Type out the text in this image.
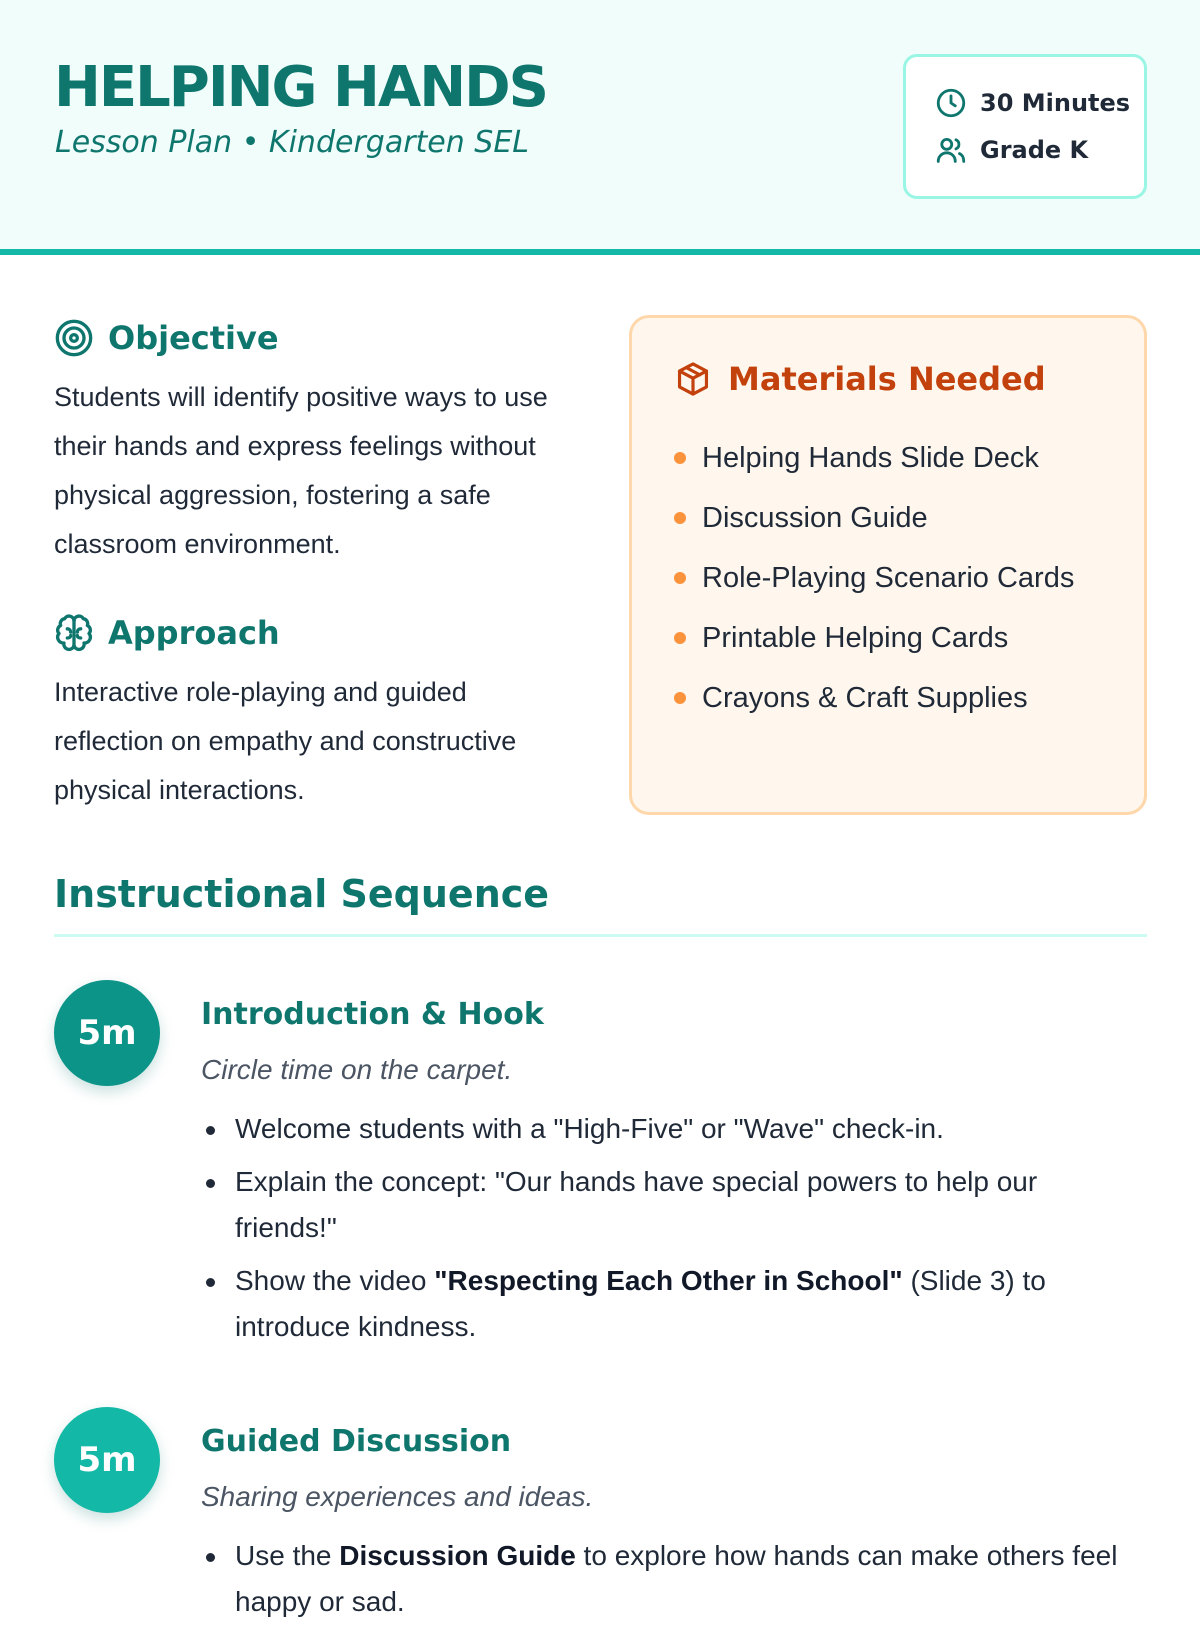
HELPING HANDS
Lesson Plan • Kindergarten SEL
30 Minutes
Grade K
Objective

Students will identify positive ways to use their hands and express feelings without physical aggression, fostering a safe classroom environment.

Approach

Interactive role-playing and guided reflection on empathy and constructive physical interactions.

Materials Needed
Helping Hands Slide Deck
Discussion Guide
Role-Playing Scenario Cards
Printable Helping Cards
Crayons & Craft Supplies
Instructional Sequence
5m	Introduction & Hook
Circle time on the carpet.
Welcome students with a "High-Five" or "Wave" check-in.
Explain the concept: "Our hands have special powers to help our friends!"
Show the video "Respecting Each Other in School" (Slide 3) to introduce kindness.
5m	Guided Discussion
Sharing experiences and ideas.
Use the Discussion Guide to explore how hands can make others feel happy or sad.
